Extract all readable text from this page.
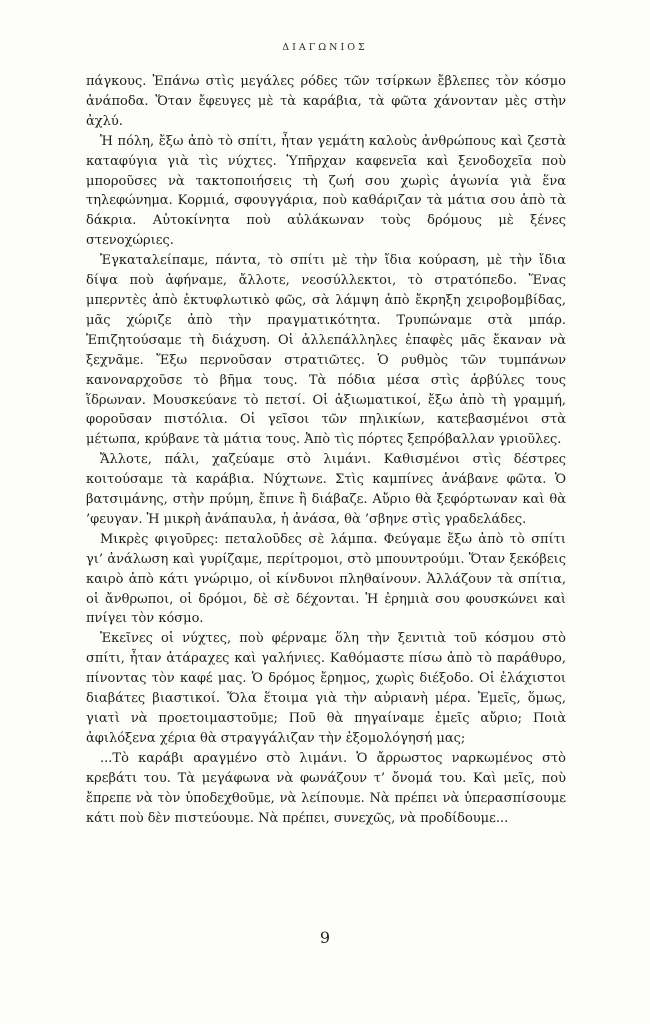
ΔΙΑΓΩΝΙΟΣ

πάγκους. Ἐπάνω στὶς μεγάλες ρόδες τῶν τσίρκων ἔβλεπες τὸν κόσμο ἀνάποδα. Ὅταν ἔφευγες μὲ τὰ καράβια, τὰ φῶτα χάνονταν μὲς στὴν ἀχλύ.

Ἡ πόλη, ἔξω ἀπὸ τὸ σπίτι, ἦταν γεμάτη καλοὺς ἀνθρώπους καὶ ζεστὰ καταφύγια γιὰ τὶς νύχτες. Ὑπῆρχαν καφενεῖα καὶ ξενοδοχεῖα ποὺ μποροῦσες νὰ τακτοποιήσεις τὴ ζωή σου χωρὶς ἀγωνία γιὰ ἕνα τηλεφώνημα. Κορμιά, σφουγγάρια, ποὺ καθάριζαν τὰ μάτια σου ἀπὸ τὰ δάκρια. Αὐτοκίνητα ποὺ αὐλάκωναν τοὺς δρόμους μὲ ξένες στενοχώριες.

Ἐγκαταλείπαμε, πάντα, τὸ σπίτι μὲ τὴν ἴδια κούραση, μὲ τὴν ἴδια δίψα ποὺ ἀφήναμε, ἄλλοτε, νεοσύλλεκτοι, τὸ στρατόπεδο. Ἕνας μπερντὲς ἀπὸ ἐκτυφλωτικὸ φῶς, σὰ λάμψη ἀπὸ ἔκρηξη χειροβομβίδας, μᾶς χώριζε ἀπὸ τὴν πραγματικότητα. Τρυπώναμε στὰ μπάρ. Ἐπιζητούσαμε τὴ διάχυση. Οἱ ἀλλεπάλληλες ἐπαφὲς μᾶς ἔκαναν νὰ ξεχνᾶμε. Ἔξω περνοῦσαν στρατιῶτες. Ὁ ρυθμὸς τῶν τυμπάνων κανοναρχοῦσε τὸ βῆμα τους. Τὰ πόδια μέσα στὶς ἀρβύλες τους ἵδρωναν. Μουσκεύανε τὸ πετσί. Οἱ ἀξιωματικοί, ἔξω ἀπὸ τὴ γραμμή, φοροῦσαν πιστόλια. Οἱ γεῖσοι τῶν πηλικίων, κατεβασμένοι στὰ μέτωπα, κρύβανε τὰ μάτια τους. Ἀπὸ τὶς πόρτες ξεπρόβαλλαν γριοῦλες.

Ἄλλοτε, πάλι, χαζεύαμε στὸ λιμάνι. Καθισμένοι στὶς δέστρες κοιτούσαμε τὰ καράβια. Νύχτωνε. Στὶς καμπίνες ἀνάβανε φῶτα. Ὁ βατσιμάνης, στὴν πρύμη, ἔπινε ἢ διάβαζε. Αὔριο θὰ ξεφόρτωναν καὶ θὰ ’φευγαν. Ἡ μικρὴ ἀνάπαυλα, ἡ ἀνάσα, θὰ ’σβηνε στὶς γραδελάδες.

Μικρὲς φιγοῦρες: πεταλοῦδες σὲ λάμπα. Φεύγαμε ἔξω ἀπὸ τὸ σπίτι γι’ ἀνάλωση καὶ γυρίζαμε, περίτρομοι, στὸ μπουντρούμι. Ὅταν ξεκόβεις καιρὸ ἀπὸ κάτι γνώριμο, οἱ κίνδυνοι πληθαίνουν. Ἀλλάζουν τὰ σπίτια, οἱ ἄνθρωποι, οἱ δρόμοι, δὲ σὲ δέχονται. Ἡ ἐρημιὰ σου φουσκώνει καὶ πνίγει τὸν κόσμο.

Ἐκεῖνες οἱ νύχτες, ποὺ φέρναμε ὅλη τὴν ξενιτιὰ τοῦ κόσμου στὸ σπίτι, ἦταν ἀτάραχες καὶ γαλήνιες. Καθόμαστε πίσω ἀπὸ τὸ παράθυρο, πίνοντας τὸν καφέ μας. Ὁ δρόμος ἔρημος, χωρὶς διέξοδο. Οἱ ἐλάχιστοι διαβάτες βιαστικοί. Ὅλα ἕτοιμα γιὰ τὴν αὐριανὴ μέρα. Ἐμεῖς, ὅμως, γιατὶ νὰ προετοιμαστοῦμε; Ποῦ θὰ πηγαίναμε ἐμεῖς αὔριο; Ποιὰ ἀφιλόξενα χέρια θὰ στραγγάλιζαν τὴν ἐξομολόγησή μας;

...Τὸ καράβι αραγμένο στὸ λιμάνι. Ὁ ἄρρωστος ναρκωμένος στὸ κρεβάτι του. Τὰ μεγάφωνα νὰ φωνάζουν τ’ ὄνομά του. Καὶ μεῖς, ποὺ ἔπρεπε νὰ τὸν ὑποδεχθοῦμε, νὰ λείπουμε. Νὰ πρέπει νὰ ὑπερασπίσουμε κάτι ποὺ δὲν πιστεύουμε. Νὰ πρέπει, συνεχῶς, νὰ προδίδουμε...

9
